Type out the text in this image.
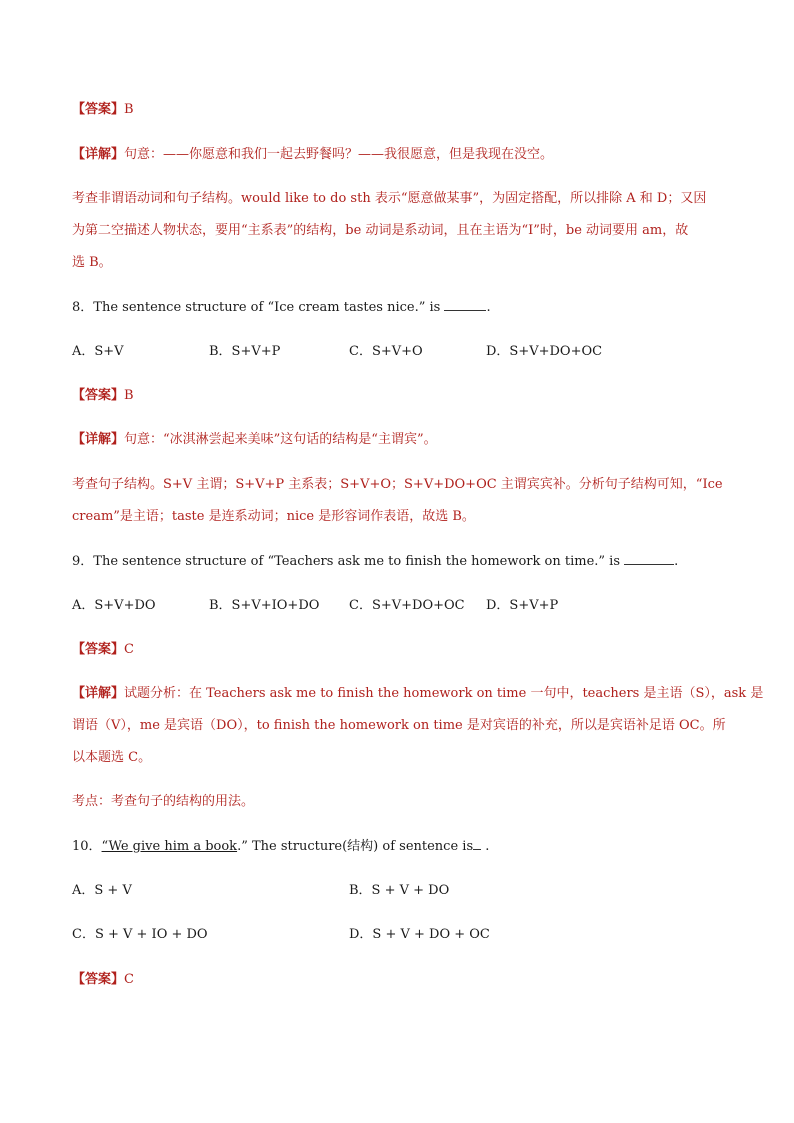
【答案】B
【详解】句意：——你愿意和我们一起去野餐吗？——我很愿意，但是我现在没空。
考查非谓语动词和句子结构。would like to do sth 表示“愿意做某事”，为固定搭配，所以排除 A 和 D；又因
为第二空描述人物状态，要用“主系表”的结构，be 动词是系动词，且在主语为“I”时，be 动词要用 am，故
选 B。
8．The sentence structure of “Ice cream tastes nice.” is	.
A．S+V	B．S+V+P	C．S+V+O	D．S+V+DO+OC
【答案】B
【详解】句意：“冰淇淋尝起来美味”这句话的结构是“主谓宾”。
考查句子结构。S+V 主谓；S+V+P 主系表；S+V+O；S+V+DO+OC 主谓宾宾补。分析句子结构可知，“Ice
cream”是主语；taste 是连系动词；nice 是形容词作表语，故选 B。
9．The sentence structure of “Teachers ask me to finish the homework on time.” is	.
A．S+V+DO	B．S+V+IO+DO C．S+V+DO+OC D．S+V+P
【答案】C
【详解】试题分析：在 Teachers ask me to finish the homework on time 一句中，teachers 是主语（S），ask 是
谓语（V），me 是宾语（DO），to finish the homework on time 是对宾语的补充，所以是宾语补足语 OC。所
以本题选 C。
考点：考查句子的结构的用法。
10．“We give him a book.” The structure(结构) of sentence is .
A．S + V	B．S + V + DO
C．S + V + IO + DO	D．S + V + DO + OC
【答案】C
